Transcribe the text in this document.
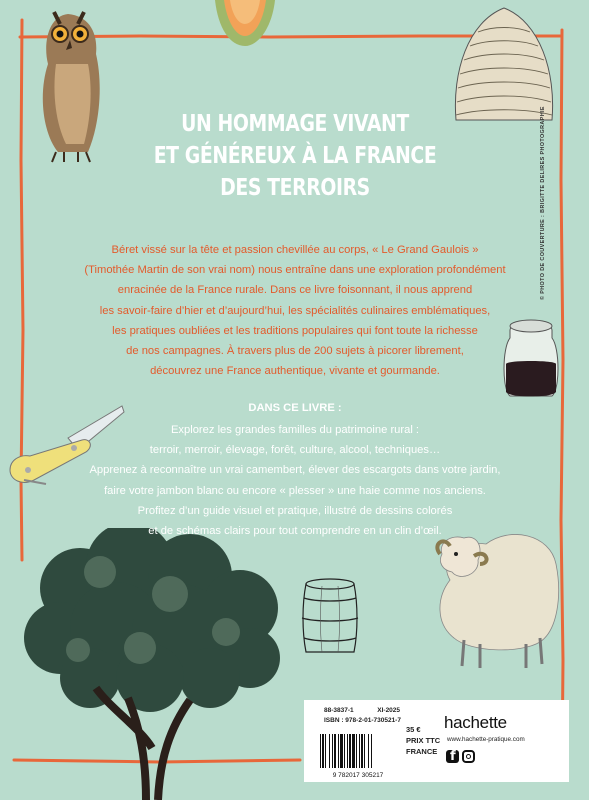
UN HOMMAGE VIVANT
ET GÉNÉREUX À LA FRANCE
DES TERROIRS
Béret vissé sur la tête et passion chevillée au corps, « Le Grand Gaulois »
(Timothée Martin de son vrai nom) nous entraîne dans une exploration profondément
enracinée de la France rurale. Dans ce livre foisonnant, il nous apprend
les savoir-faire d’hier et d’aujourd’hui, les spécialités culinaires emblématiques,
les pratiques oubliées et les traditions populaires qui font toute la richesse
de nos campagnes. À travers plus de 200 sujets à picorer librement,
découvrez une France authentique, vivante et gourmande.
DANS CE LIVRE :
Explorez les grandes familles du patrimoine rural :
terroir, merroir, élevage, forêt, culture, alcool, techniques…
Apprenez à reconnaître un vrai camembert, élever des escargots dans votre jardin,
faire votre jambon blanc ou encore « plesser » une haie comme nos anciens.
Profitez d’un guide visuel et pratique, illustré de dessins colorés
et de schémas clairs pour tout comprendre en un clin d’œil.
© PHOTO DE COUVERTURE : BRIGITTE DELIRES PHOTOGRAPHIE
88-3837-1	XI-2025
ISBN : 978-2-01-730521-7
9 782017 305217
35 €
PRIX TTC
FRANCE
hachette
www.hachette-pratique.com
f
